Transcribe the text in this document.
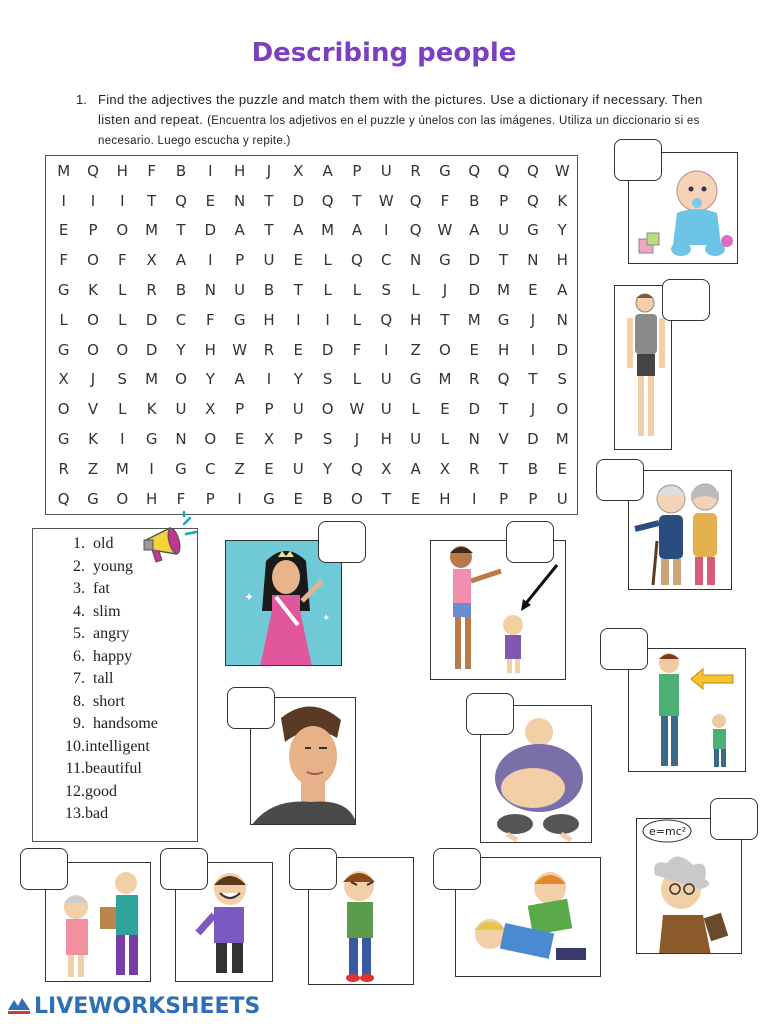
Describing people
1. Find the adjectives the puzzle and match them with the pictures. Use a dictionary if necessary. Then listen and repeat. (Encuentra los adjetivos en el puzzle y únelos con las imágenes. Utiliza un diccionario si es necesario. Luego escucha y repite.)
M	Q	H	F	B	I	H	J	X	A	P	U	R	G	Q	Q	Q	W
I	I	I	T	Q	E	N	T	D	Q	T	W	Q	F	B	P	Q	K
E	P	O	M	T	D	A	T	A	M	A	I	Q	W	A	U	G	Y
F	O	F	X	A	I	P	U	E	L	Q	C	N	G	D	T	N	H
G	K	L	R	B	N	U	B	T	L	L	S	L	J	D	M	E	A
L	O	L	D	C	F	G	H	I	I	L	Q	H	T	M	G	J	N
G	O	O	D	Y	H	W	R	E	D	F	I	Z	O	E	H	I	D
X	J	S	M	O	Y	A	I	Y	S	L	U	G	M	R	Q	T	S
O	V	L	K	U	X	P	P	U	O	W	U	L	E	D	T	J	O
G	K	I	G	N	O	E	X	P	S	J	H	U	L	N	V	D	M
R	Z	M	I	G	C	Z	E	U	Y	Q	X	A	X	R	T	B	E
Q	G	O	H	F	P	I	G	E	B	O	T	E	H	I	P	P	U
1. old
2. young
3. fat
4. slim
5. angry
6. happy
7. tall
8. short
9. handsome
10. intelligent
11. beautiful
12. good
13. bad
✦
✦
e=mc²
LIVEWORKSHEETS
